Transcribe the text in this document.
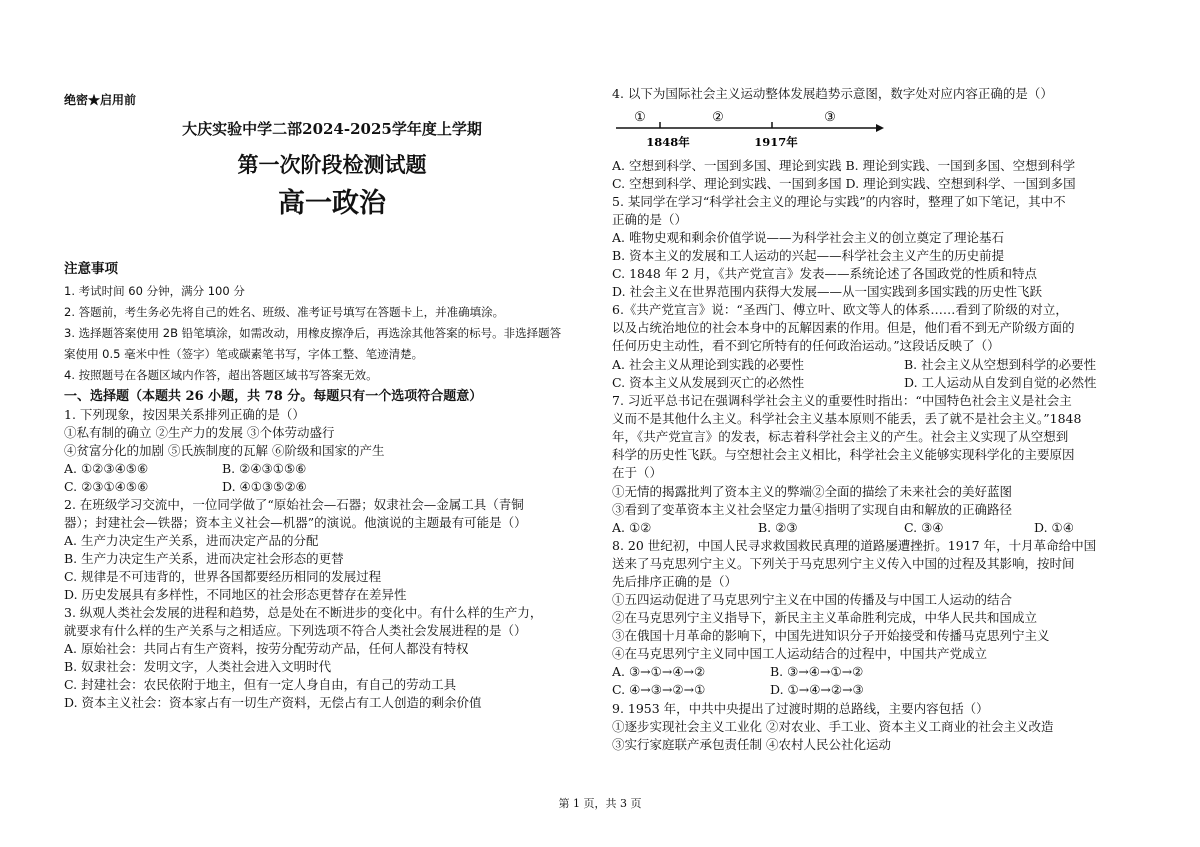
绝密★启用前
大庆实验中学二部2024-2025学年度上学期
第一次阶段检测试题
高一政治
注意事项
1. 考试时间 60 分钟，满分 100 分
2. 答题前，考生务必先将自己的姓名、班级、准考证号填写在答题卡上，并准确填涂。
3. 选择题答案使用 2B 铅笔填涂，如需改动，用橡皮擦净后，再选涂其他答案的标号。非选择题答
案使用 0.5 毫米中性（签字）笔或碳素笔书写，字体工整、笔迹清楚。
4. 按照题号在各题区域内作答，超出答题区域书写答案无效。
一、选择题（本题共 26 小题，共 78 分。每题只有一个选项符合题意）
1. 下列现象，按因果关系排列正确的是（）
①私有制的确立 ②生产力的发展 ③个体劳动盛行
④贫富分化的加剧 ⑤氏族制度的瓦解 ⑥阶级和国家的产生
A. ①②③④⑤⑥	B. ②④③①⑤⑥
C. ②③①④⑤⑥	D. ④①③⑤②⑥
2. 在班级学习交流中，一位同学做了“原始社会—石器；奴隶社会—金属工具（青铜
器）；封建社会—铁器；资本主义社会—机器”的演说。他演说的主题最有可能是（）
A. 生产力决定生产关系，进而决定产品的分配
B. 生产力决定生产关系，进而决定社会形态的更替
C. 规律是不可违背的，世界各国都要经历相同的发展过程
D. 历史发展具有多样性，不同地区的社会形态更替存在差异性
3. 纵观人类社会发展的进程和趋势，总是处在不断进步的变化中。有什么样的生产力，
就要求有什么样的生产关系与之相适应。下列选项不符合人类社会发展进程的是（）
A. 原始社会：共同占有生产资料，按劳分配劳动产品，任何人都没有特权
B. 奴隶社会：发明文字，人类社会进入文明时代
C. 封建社会：农民依附于地主，但有一定人身自由，有自己的劳动工具
D. 资本主义社会：资本家占有一切生产资料，无偿占有工人创造的剩余价值
4. 以下为国际社会主义运动整体发展趋势示意图，数字处对应内容正确的是（）
①	②	③
1848年	1917年
A. 空想到科学、一国到多国、理论到实践 B. 理论到实践、一国到多国、空想到科学
C. 空想到科学、理论到实践、一国到多国 D. 理论到实践、空想到科学、一国到多国
5. 某同学在学习“科学社会主义的理论与实践”的内容时，整理了如下笔记，其中不
正确的是（）
A. 唯物史观和剩余价值学说——为科学社会主义的创立奠定了理论基石
B. 资本主义的发展和工人运动的兴起——科学社会主义产生的历史前提
C. 1848 年 2 月，《共产党宣言》发表——系统论述了各国政党的性质和特点
D. 社会主义在世界范围内获得大发展——从一国实践到多国实践的历史性飞跃
6.《共产党宣言》说：“圣西门、傅立叶、欧文等人的体系……看到了阶级的对立，
以及占统治地位的社会本身中的瓦解因素的作用。但是，他们看不到无产阶级方面的
任何历史主动性，看不到它所特有的任何政治运动。”这段话反映了（）
A. 社会主义从理论到实践的必要性	B. 社会主义从空想到科学的必要性
C. 资本主义从发展到灭亡的必然性	D. 工人运动从自发到自觉的必然性
7. 习近平总书记在强调科学社会主义的重要性时指出：“中国特色社会主义是社会主
义而不是其他什么主义。科学社会主义基本原则不能丢，丢了就不是社会主义。”1848
年，《共产党宣言》的发表，标志着科学社会主义的产生。社会主义实现了从空想到
科学的历史性飞跃。与空想社会主义相比，科学社会主义能够实现科学化的主要原因
在于（）
①无情的揭露批判了资本主义的弊端②全面的描绘了未来社会的美好蓝图
③看到了变革资本主义社会坚定力量④指明了实现自由和解放的正确路径
A. ①②	B. ②③	C. ③④	D. ①④
8. 20 世纪初，中国人民寻求救国救民真理的道路屡遭挫折。1917 年，十月革命给中国
送来了马克思列宁主义。下列关于马克思列宁主义传入中国的过程及其影响，按时间
先后排序正确的是（）
①五四运动促进了马克思列宁主义在中国的传播及与中国工人运动的结合
②在马克思列宁主义指导下，新民主主义革命胜利完成，中华人民共和国成立
③在俄国十月革命的影响下，中国先进知识分子开始接受和传播马克思列宁主义
④在马克思列宁主义同中国工人运动结合的过程中，中国共产党成立
A. ③→①→④→②	B. ③→④→①→②
C. ④→③→②→①	D. ①→④→②→③
9. 1953 年，中共中央提出了过渡时期的总路线，主要内容包括（）
①逐步实现社会主义工业化 ②对农业、手工业、资本主义工商业的社会主义改造
③实行家庭联产承包责任制 ④农村人民公社化运动
第 1 页，共 3 页
